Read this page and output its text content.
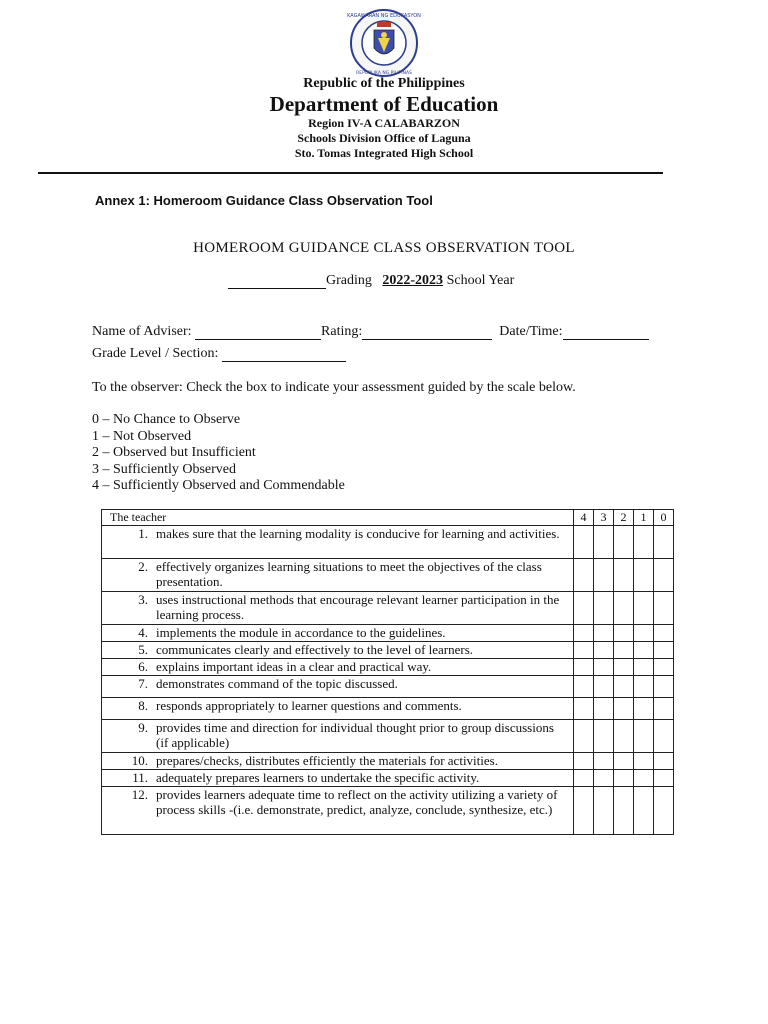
KAGAWARAN NG EDUKASYON
REPUBLIKA NG PILIPINAS
Republic of the Philippines
Department of Education
Region IV-A CALABARZON
Schools Division Office of Laguna
Sto. Tomas Integrated High School
Annex 1: Homeroom Guidance Class Observation Tool
HOMEROOM GUIDANCE CLASS OBSERVATION TOOL
Grading 2022-2023 School Year
Name of Adviser:	Rating:	Date/Time:
Grade Level / Section:
To the observer: Check the box to indicate your assessment guided by the scale below.
0 – No Chance to Observe
1 – Not Observed
2 – Observed but Insufficient
3 – Sufficiently Observed
4 – Sufficiently Observed and Commendable
The teacher	4	3	2	1	0

1. makes sure that the learning modality is conducive for learning and activities.					

2. effectively organizes learning situations to meet the objectives of the class presentation.					

3. uses instructional methods that encourage relevant learner participation in the learning process.					

4. implements the module in accordance to the guidelines.					

5. communicates clearly and effectively to the level of learners.					

6. explains important ideas in a clear and practical way.					

7. demonstrates command of the topic discussed.					

8. responds appropriately to learner questions and comments.					

9. provides time and direction for individual thought prior to group discussions (if applicable)					

10. prepares/checks, distributes efficiently the materials for activities.					

11. adequately prepares learners to undertake the specific activity.					

12. provides learners adequate time to reflect on the activity utilizing a variety of process skills -(i.e. demonstrate, predict, analyze, conclude, synthesize, etc.)					
